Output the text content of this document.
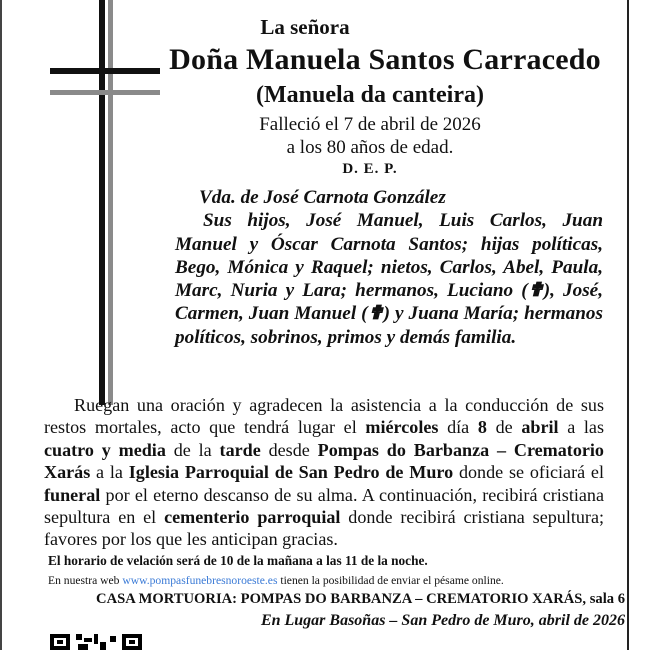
La señora
Doña Manuela Santos Carracedo
(Manuela da canteira)
Falleció el 7 de abril de 2026
a los 80 años de edad.
D. E. P.
Vda. de José Carnota González
Sus hijos, José Manuel, Luis Carlos, Juan Manuel y Óscar Carnota Santos; hijas políticas, Bego, Mónica y Raquel; nietos, Carlos, Abel, Paula, Marc, Nuria y Lara; hermanos, Luciano (✟), José, Carmen, Juan Manuel (✟) y Juana María; hermanos políticos, sobrinos, primos y demás familia.

Ruegan una oración y agradecen la asistencia a la conducción de sus restos mortales, acto que tendrá lugar el miércoles día 8 de abril a las cuatro y media de la tarde desde Pompas do Barbanza – Crematorio Xarás a la Iglesia Parroquial de San Pedro de Muro donde se oficiará el funeral por el eterno descanso de su alma. A continuación, recibirá cristiana sepultura en el cementerio parroquial donde recibirá cristiana sepultura; favores por los que les anticipan gracias.

El horario de velación será de 10 de la mañana a las 11 de la noche.
En nuestra web www.pompasfunebresnoroeste.es tienen la posibilidad de enviar el pésame online.
CASA MORTUORIA: POMPAS DO BARBANZA – CREMATORIO XARÁS, sala 6
En Lugar Basoñas – San Pedro de Muro, abril de 2026
